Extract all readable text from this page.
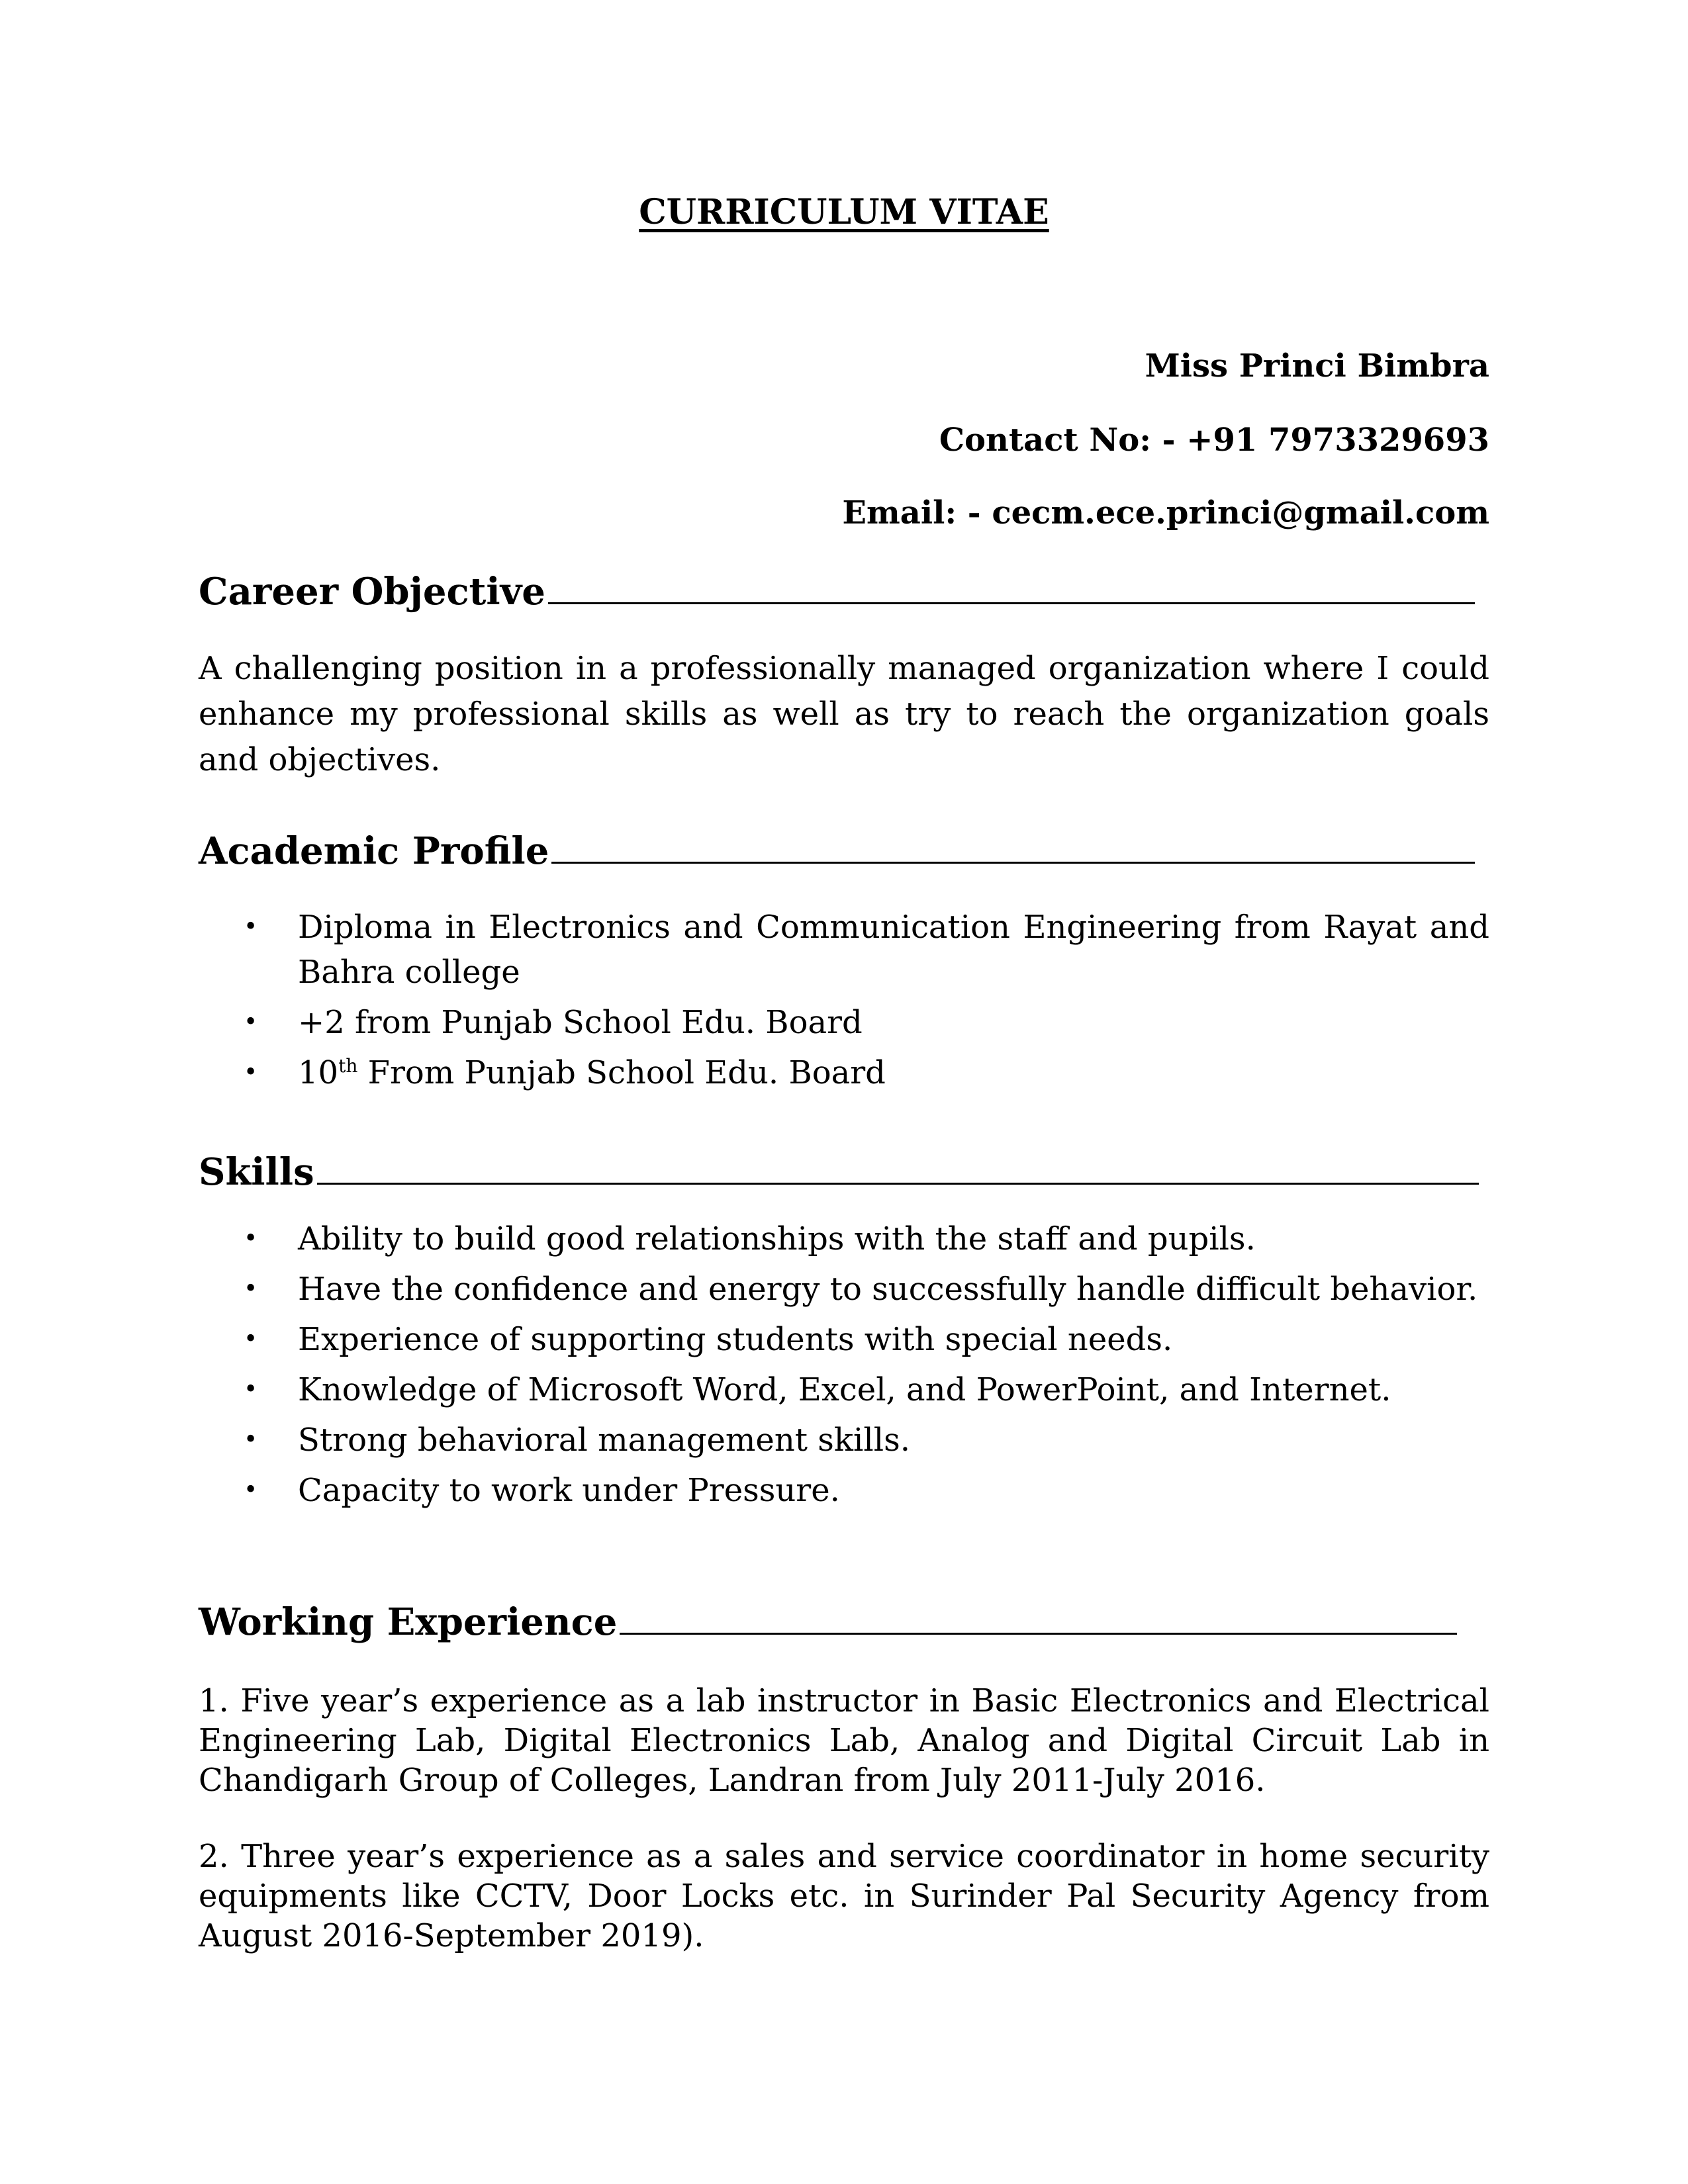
CURRICULUM VITAE
Miss Princi Bimbra
Contact No: - +91 7973329693
Email: - cecm.ece.princi@gmail.com
Career Objective
A challenging position in a professionally managed organization where I could enhance my professional skills as well as try to reach the organization goals and objectives.
Academic Profile
• Diploma in Electronics and Communication Engineering from Rayat and Bahra college
• +2 from Punjab School Edu. Board
• 10th From Punjab School Edu. Board
Skills
• Ability to build good relationships with the staff and pupils.
• Have the confidence and energy to successfully handle difficult behavior.
• Experience of supporting students with special needs.
• Knowledge of Microsoft Word, Excel, and PowerPoint, and Internet.
• Strong behavioral management skills.
• Capacity to work under Pressure.
Working Experience
1. Five year’s experience as a lab instructor in Basic Electronics and Electrical Engineering Lab, Digital Electronics Lab, Analog and Digital Circuit Lab in Chandigarh Group of Colleges, Landran from July 2011-July 2016.
2. Three year’s experience as a sales and service coordinator in home security equipments like CCTV, Door Locks etc. in Surinder Pal Security Agency from August 2016-September 2019).
